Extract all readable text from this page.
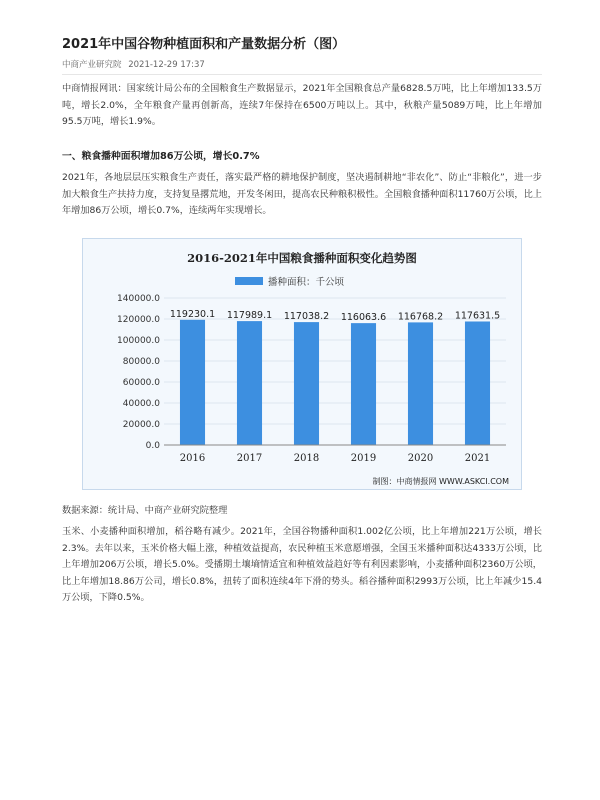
2021年中国谷物种植面积和产量数据分析（图）
中商产业研究院 2021-12-29 17:37

中商情报网讯：国家统计局公布的全国粮食生产数据显示，2021年全国粮食总产量6828.5万吨，比上年增加133.5万吨，增长2.0%，全年粮食产量再创新高，连续7年保持在6500万吨以上。其中，秋粮产量5089万吨，比上年增加95.5万吨，增长1.9%。

一、粮食播种面积增加86万公顷，增长0.7%

2021年，各地层层压实粮食生产责任，落实最严格的耕地保护制度，坚决遏制耕地“非农化”、防止“非粮化”，进一步加大粮食生产扶持力度，支持复垦撂荒地，开发冬闲田，提高农民种粮积极性。全国粮食播种面积11760万公顷，比上年增加86万公顷，增长0.7%，连续两年实现增长。

2016-2021年中国粮食播种面积变化趋势图
播种面积：千公顷
0.0
20000.0
40000.0
60000.0
80000.0
100000.0
120000.0
140000.0
119230.1 117989.1 117038.2 116063.6 116768.2 117631.5
2016	2017	2018	2019	2020	2021
制图：中商情报网 WWW.ASKCI.COM
数据来源：统计局、中商产业研究院整理

玉米、小麦播种面积增加，稻谷略有减少。2021年，全国谷物播种面积1.002亿公顷，比上年增加221万公顷，增长2.3%。去年以来，玉米价格大幅上涨，种植效益提高，农民种植玉米意愿增强，全国玉米播种面积达4333万公顷，比上年增加206万公顷，增长5.0%。受播期土壤墒情适宜和种植效益趋好等有利因素影响，小麦播种面积2360万公顷，比上年增加18.86万公司，增长0.8%，扭转了面积连续4年下滑的势头。稻谷播种面积2993万公顷，比上年减少15.4万公顷，下降0.5%。
